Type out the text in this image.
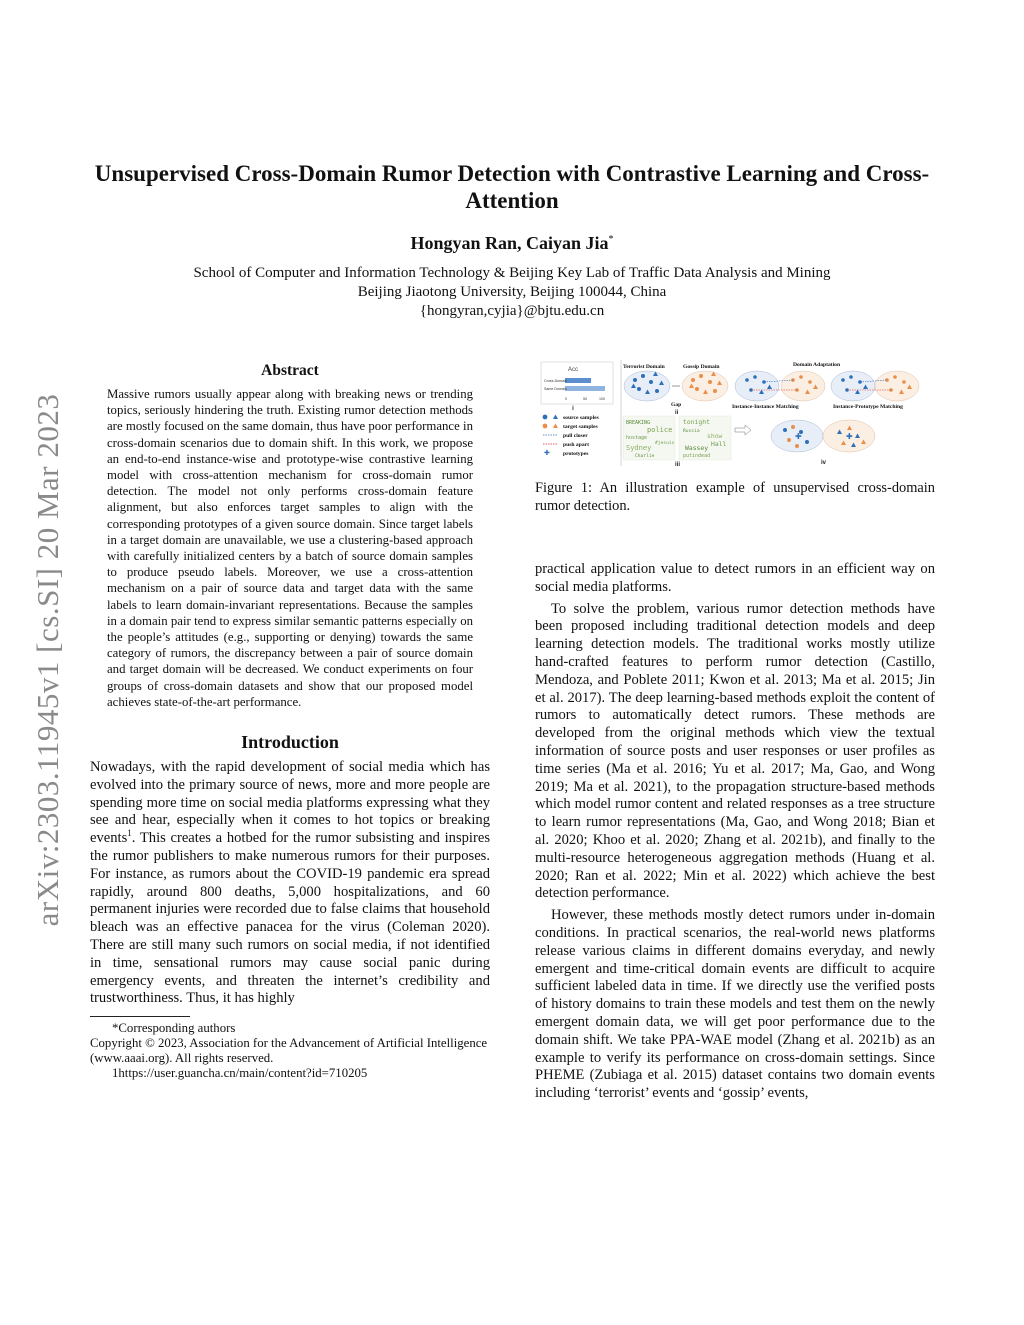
arXiv:2303.11945v1 [cs.SI] 20 Mar 2023
Unsupervised Cross-Domain Rumor Detection with Contrastive Learning and Cross-Attention
Hongyan Ran, Caiyan Jia*
School of Computer and Information Technology & Beijing Key Lab of Traffic Data Analysis and Mining
Beijing Jiaotong University, Beijing 100044, China
{hongyran,cyjia}@bjtu.edu.cn
Abstract

Massive rumors usually appear along with breaking news or trending topics, seriously hindering the truth. Existing rumor detection methods are mostly focused on the same domain, thus have poor performance in cross-domain scenarios due to domain shift. In this work, we propose an end-to-end instance-wise and prototype-wise contrastive learning model with cross-attention mechanism for cross-domain rumor detection. The model not only performs cross-domain feature alignment, but also enforces target samples to align with the corresponding prototypes of a given source domain. Since target labels in a target domain are unavailable, we use a clustering-based approach with carefully initialized centers by a batch of source domain samples to produce pseudo labels. Moreover, we use a cross-attention mechanism on a pair of source data and target data with the same labels to learn domain-invariant representations. Because the samples in a domain pair tend to express similar semantic patterns especially on the people’s attitudes (e.g., supporting or denying) towards the same category of rumors, the discrepancy between a pair of source domain and target domain will be decreased. We conduct experiments on four groups of cross-domain datasets and show that our proposed model achieves state-of-the-art performance.

Introduction

Nowadays, with the rapid development of social media which has evolved into the primary source of news, more and more people are spending more time on social media platforms expressing what they see and hear, especially when it comes to hot topics or breaking events$^1$. This creates a hotbed for the rumor subsisting and inspires the rumor publishers to make numerous rumors for their purposes. For instance, as rumors about the COVID-19 pandemic era spread rapidly, around 800 deaths, 5,000 hospitalizations, and 60 permanent injuries were recorded due to false claims that household bleach was an effective panacea for the virus (Coleman 2020). There are still many such rumors on social media, if not identified in time, sensational rumors may cause social panic during emergency events, and threaten the internet’s credibility and trustworthiness. Thus, it has highly

*Corresponding authors

Copyright © 2023, Association for the Advancement of Artificial Intelligence (www.aaai.org). All rights reserved.

1https://user.guancha.cn/main/content?id=710205

Acc
Cross-Domain
Same Domain
0	50	100
i
source samples
target samples
pull closer
push apart
✚ prototypes
Terrorist Domain	Gossip Domain
Gap
ii
BREAKING
police
hostage
Sydney
Charlie
#jesuis
tonight
Russia
show
Hall
Wassey
putindead
iii
Domain Adaptation
Instance-Instance Matching	Instance-Prototype Matching
✚	✚
iv

Figure 1: An illustration example of unsupervised cross-domain rumor detection.

practical application value to detect rumors in an efficient way on social media platforms.

To solve the problem, various rumor detection methods have been proposed including traditional detection models and deep learning detection models. The traditional works mostly utilize hand-crafted features to perform rumor detection (Castillo, Mendoza, and Poblete 2011; Kwon et al. 2013; Ma et al. 2015; Jin et al. 2017). The deep learning-based methods exploit the content of rumors to automatically detect rumors. These methods are developed from the original methods which view the textual information of source posts and user responses or user profiles as time series (Ma et al. 2016; Yu et al. 2017; Ma, Gao, and Wong 2019; Ma et al. 2021), to the propagation structure-based methods which model rumor content and related responses as a tree structure to learn rumor representations (Ma, Gao, and Wong 2018; Bian et al. 2020; Khoo et al. 2020; Zhang et al. 2021b), and finally to the multi-resource heterogeneous aggregation methods (Huang et al. 2020; Ran et al. 2022; Min et al. 2022) which achieve the best detection performance.

However, these methods mostly detect rumors under in-domain conditions. In practical scenarios, the real-world news platforms release various claims in different domains everyday, and newly emergent and time-critical domain events are difficult to acquire sufficient labeled data in time. If we directly use the verified posts of history domains to train these models and test them on the newly emergent domain data, we will get poor performance due to the domain shift. We take PPA-WAE model (Zhang et al. 2021b) as an example to verify its performance on cross-domain settings. Since PHEME (Zubiaga et al. 2015) dataset contains two domain events including ‘terrorist’ events and ‘gossip’ events,
